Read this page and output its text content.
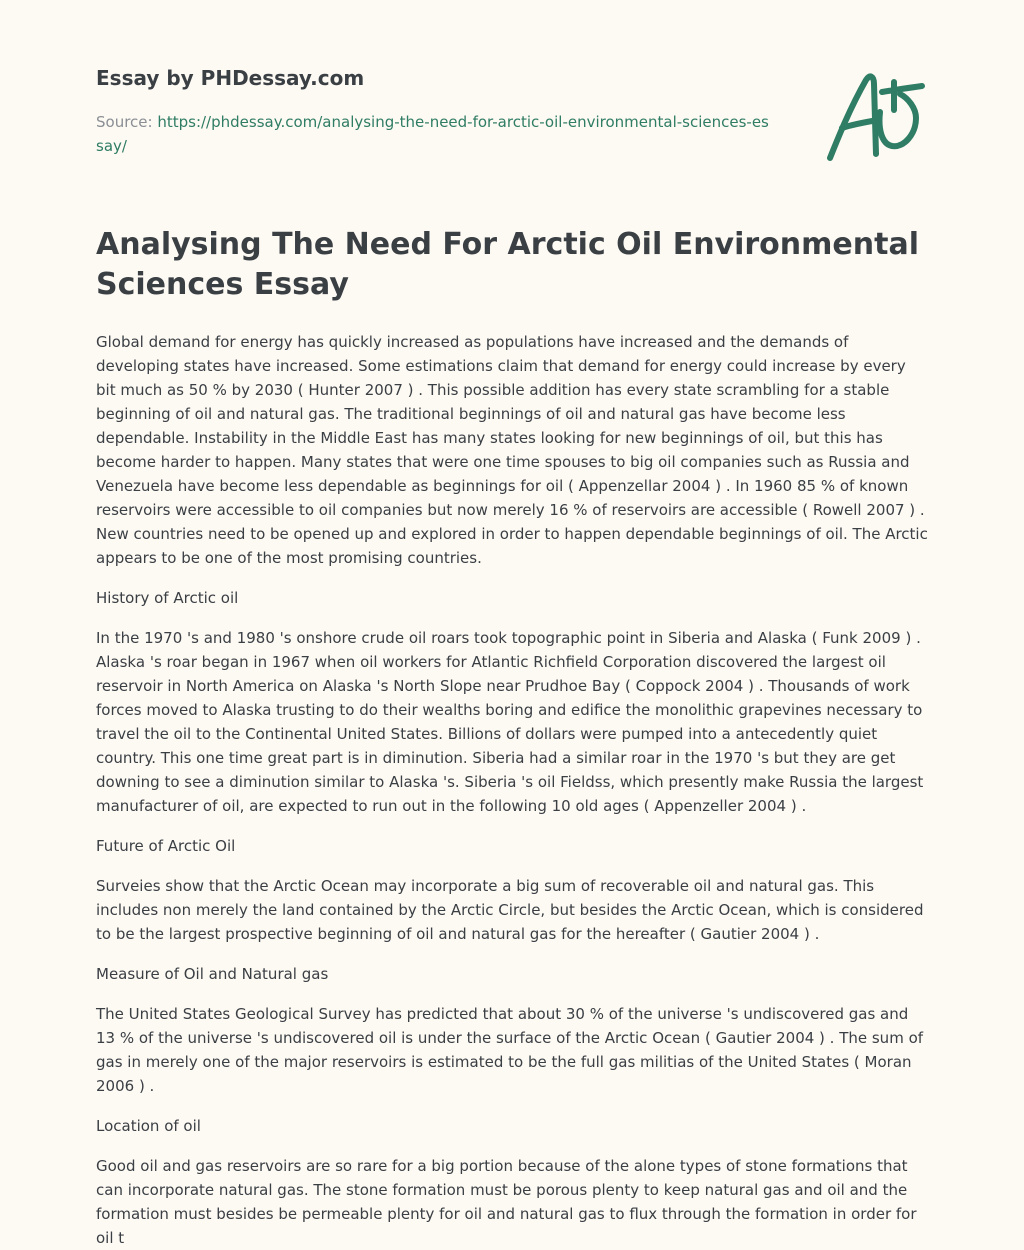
Essay by PHDessay.com
Source: https://phdessay.com/analysing-the-need-for-arctic-oil-environmental-sciences-essay/
Analysing The Need For Arctic Oil Environmental Sciences Essay

Global demand for energy has quickly increased as populations have increased and the demands of developing states have increased. Some estimations claim that demand for energy could increase by every bit much as 50 % by 2030 ( Hunter 2007 ) . This possible addition has every state scrambling for a stable beginning of oil and natural gas. The traditional beginnings of oil and natural gas have become less dependable. Instability in the Middle East has many states looking for new beginnings of oil, but this has become harder to happen. Many states that were one time spouses to big oil companies such as Russia and Venezuela have become less dependable as beginnings for oil ( Appenzellar 2004 ) . In 1960 85 % of known reservoirs were accessible to oil companies but now merely 16 % of reservoirs are accessible ( Rowell 2007 ) . New countries need to be opened up and explored in order to happen dependable beginnings of oil. The Arctic appears to be one of the most promising countries.

History of Arctic oil

In the 1970 's and 1980 's onshore crude oil roars took topographic point in Siberia and Alaska ( Funk 2009 ) . Alaska 's roar began in 1967 when oil workers for Atlantic Richfield Corporation discovered the largest oil reservoir in North America on Alaska 's North Slope near Prudhoe Bay ( Coppock 2004 ) . Thousands of work forces moved to Alaska trusting to do their wealths boring and edifice the monolithic grapevines necessary to travel the oil to the Continental United States. Billions of dollars were pumped into a antecedently quiet country. This one time great part is in diminution. Siberia had a similar roar in the 1970 's but they are get downing to see a diminution similar to Alaska 's. Siberia 's oil Fieldss, which presently make Russia the largest manufacturer of oil, are expected to run out in the following 10 old ages ( Appenzeller 2004 ) .

Future of Arctic Oil

Surveies show that the Arctic Ocean may incorporate a big sum of recoverable oil and natural gas. This includes non merely the land contained by the Arctic Circle, but besides the Arctic Ocean, which is considered to be the largest prospective beginning of oil and natural gas for the hereafter ( Gautier 2004 ) .

Measure of Oil and Natural gas

The United States Geological Survey has predicted that about 30 % of the universe 's undiscovered gas and 13 % of the universe 's undiscovered oil is under the surface of the Arctic Ocean ( Gautier 2004 ) . The sum of gas in merely one of the major reservoirs is estimated to be the full gas militias of the United States ( Moran 2006 ) .

Location of oil

Good oil and gas reservoirs are so rare for a big portion because of the alone types of stone formations that can incorporate natural gas. The stone formation must be porous plenty to keep natural gas and oil and the formation must besides be permeable plenty for oil and natural gas to flux through the formation in order for oil t
